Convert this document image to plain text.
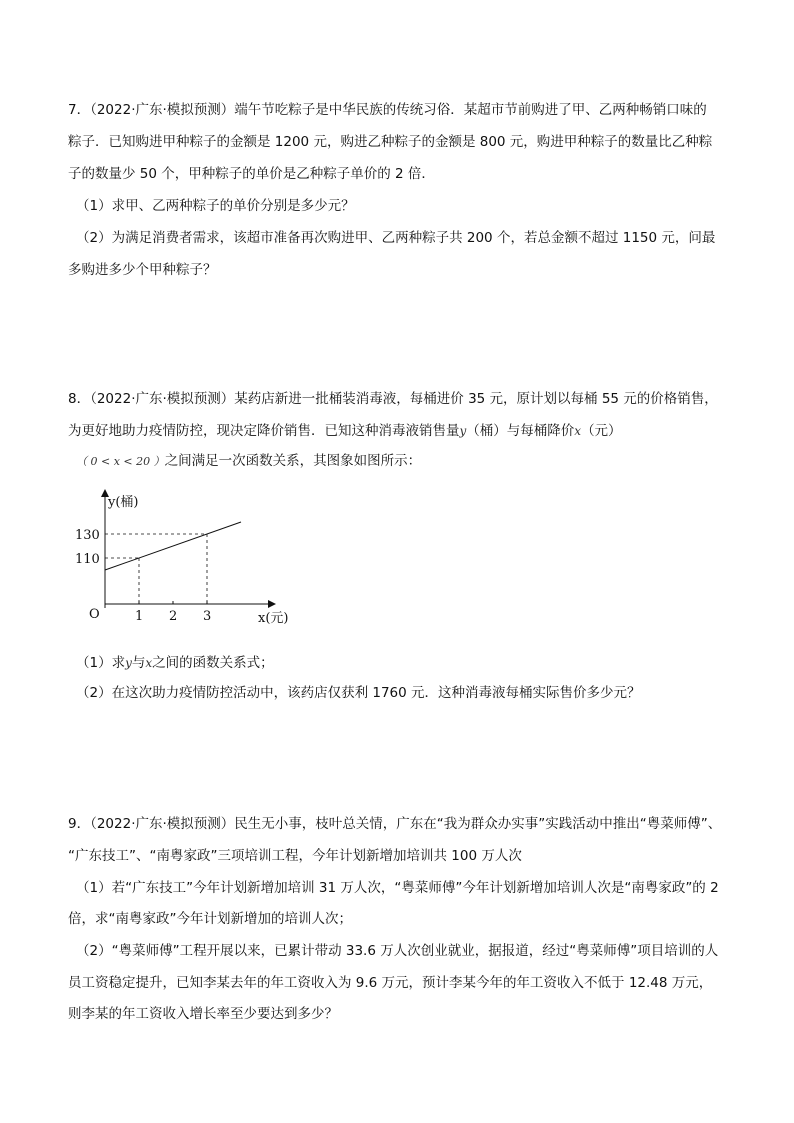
7．（2022·广东·模拟预测）端午节吃粽子是中华民族的传统习俗．某超市节前购进了甲、乙两种畅销口味的
粽子．已知购进甲种粽子的金额是 1200 元，购进乙种粽子的金额是 800 元，购进甲种粽子的数量比乙种粽
子的数量少 50 个，甲种粽子的单价是乙种粽子单价的 2 倍．
（1）求甲、乙两种粽子的单价分别是多少元？
（2）为满足消费者需求，该超市准备再次购进甲、乙两种粽子共 200 个，若总金额不超过 1150 元，问最
多购进多少个甲种粽子？
8．（2022·广东·模拟预测）某药店新进一批桶装消毒液，每桶进价 35 元，原计划以每桶 55 元的价格销售，
为更好地助力疫情防控，现决定降价销售．已知这种消毒液销售量y（桶）与每桶降价x（元）
（ 0 < x < 20 ）之间满足一次函数关系，其图象如图所示：
1 2 3
110
130
y(桶)
x(元)
O
（1）求y与x之间的函数关系式；
（2）在这次助力疫情防控活动中，该药店仅获利 1760 元．这种消毒液每桶实际售价多少元？
9．（2022·广东·模拟预测）民生无小事，枝叶总关情，广东在“我为群众办实事”实践活动中推出“粤菜师傅”、
“广东技工”、“南粤家政”三项培训工程，今年计划新增加培训共 100 万人次
（1）若“广东技工”今年计划新增加培训 31 万人次，“粤菜师傅”今年计划新增加培训人次是“南粤家政”的 2
倍，求“南粤家政”今年计划新增加的培训人次；
（2）“粤菜师傅”工程开展以来，已累计带动 33.6 万人次创业就业，据报道，经过“粤菜师傅”项目培训的人
员工资稳定提升，已知李某去年的年工资收入为 9.6 万元，预计李某今年的年工资收入不低于 12.48 万元，
则李某的年工资收入增长率至少要达到多少？
